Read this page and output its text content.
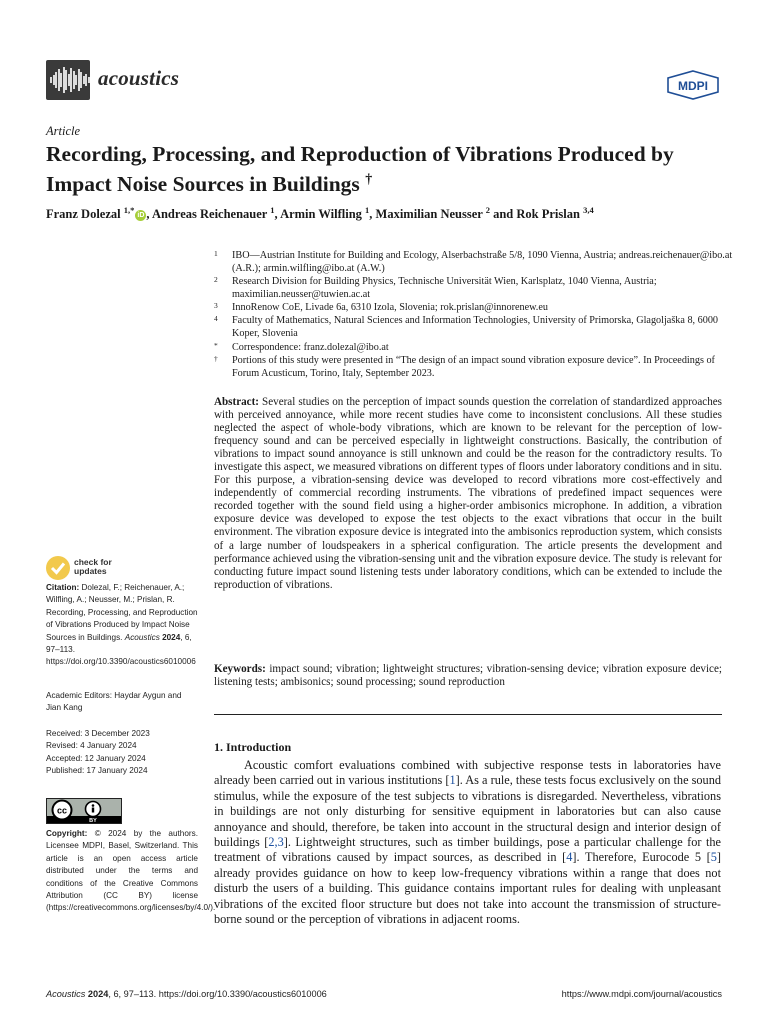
acoustics	MDPI
Article
Recording, Processing, and Reproduction of Vibrations Produced by Impact Noise Sources in Buildings †
Franz Dolezal $^{1,*}$iD , Andreas Reichenauer $^1$, Armin Wilfling $^1$, Maximilian Neusser $^2$ and Rok Prislan $^{3,4}$
1 IBO—Austrian Institute for Building and Ecology, Alserbachstraße 5/8, 1090 Vienna, Austria; andreas.reichenauer@ibo.at (A.R.); armin.wilfling@ibo.at (A.W.)
2 Research Division for Building Physics, Technische Universität Wien, Karlsplatz, 1040 Vienna, Austria; maximilian.neusser@tuwien.ac.at
3 InnoRenow CoE, Livade 6a, 6310 Izola, Slovenia; rok.prislan@innorenew.eu
4 Faculty of Mathematics, Natural Sciences and Information Technologies, University of Primorska, Glagoljaška 8, 6000 Koper, Slovenia
* Correspondence: franz.dolezal@ibo.at
† Portions of this study were presented in “The design of an impact sound vibration exposure device”. In Proceedings of Forum Acusticum, Torino, Italy, September 2023.
Abstract: Several studies on the perception of impact sounds question the correlation of standardized approaches with perceived annoyance, while more recent studies have come to inconsistent conclusions. All these studies neglected the aspect of whole-body vibrations, which are known to be relevant for the perception of low-frequency sound and can be perceived especially in lightweight constructions. Basically, the contribution of vibrations to impact sound annoyance is still unknown and could be the reason for the contradictory results. To investigate this aspect, we measured vibrations on different types of floors under laboratory conditions and in situ. For this purpose, a vibration-sensing device was developed to record vibrations more cost-effectively and independently of commercial recording instruments. The vibrations of predefined impact sequences were recorded together with the sound field using a higher-order ambisonics microphone. In addition, a vibration exposure device was developed to expose the test objects to the exact vibrations that occur in the built environment. The vibration exposure device is integrated into the ambisonics reproduction system, which consists of a large number of loudspeakers in a spherical configuration. The article presents the development and performance achieved using the vibration-sensing unit and the vibration exposure device. The study is relevant for conducting future impact sound listening tests under laboratory conditions, which can be extended to include the reproduction of vibrations.
Keywords: impact sound; vibration; lightweight structures; vibration-sensing device; vibration exposure device; listening tests; ambisonics; sound processing; sound reproduction
1. Introduction
Acoustic comfort evaluations combined with subjective response tests in laboratories have already been carried out in various institutions [1]. As a rule, these tests focus exclusively on the sound stimulus, while the exposure of the test subjects to vibrations is disregarded. Nevertheless, vibrations in buildings are not only disturbing for sensitive equipment in laboratories but can also cause annoyance and should, therefore, be taken into account in the structural design and interior design of buildings [2,3]. Lightweight structures, such as timber buildings, pose a particular challenge for the treatment of vibrations caused by impact sources, as described in [4]. Therefore, Eurocode 5 [5] already provides guidance on how to keep low-frequency vibrations within a range that does not disturb the users of a building. This guidance contains important rules for dealing with unpleasant vibrations of the excited floor structure but does not take into account the transmission of structure-borne sound or the perception of vibrations in adjacent rooms.
check for
updates
Citation: Dolezal, F.; Reichenauer, A.; Wilfling, A.; Neusser, M.; Prislan, R. Recording, Processing, and Reproduction of Vibrations Produced by Impact Noise Sources in Buildings. Acoustics 2024, 6, 97–113. https://doi.org/10.3390/acoustics6010006
Academic Editors: Haydar Aygun and Jian Kang
Received: 3 December 2023
Revised: 4 January 2024
Accepted: 12 January 2024
Published: 17 January 2024
cc
BY
Copyright: © 2024 by the authors. Licensee MDPI, Basel, Switzerland. This article is an open access article distributed under the terms and conditions of the Creative Commons Attribution (CC BY) license (https://creativecommons.org/licenses/by/4.0/).
Acoustics 2024, 6, 97–113. https://doi.org/10.3390/acoustics6010006	https://www.mdpi.com/journal/acoustics
